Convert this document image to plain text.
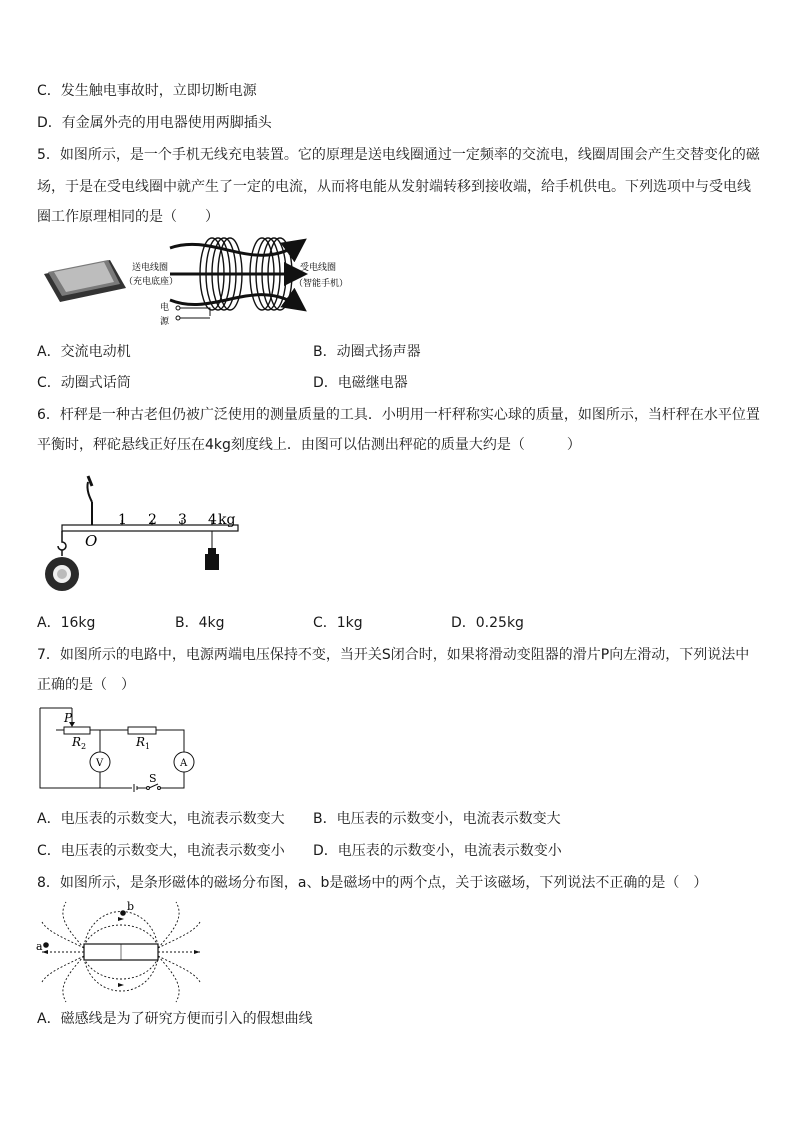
C．发生触电事故时，立即切断电源
D．有金属外壳的用电器使用两脚插头
5．如图所示，是一个手机无线充电装置。它的原理是送电线圈通过一定频率的交流电，线圈周围会产生交替变化的磁
场，于是在受电线圈中就产生了一定的电流，从而将电能从发射端转移到接收端，给手机供电。下列选项中与受电线
圈工作原理相同的是（　　）
送电线圈
（充电底座）
受电线圈
（智能手机）
电
源
A．交流电动机	B．动圈式扬声器
C．动圈式话筒	D．电磁继电器
6．杆秤是一种古老但仍被广泛使用的测量质量的工具．小明用一杆秤称实心球的质量，如图所示，当杆秤在水平位置
平衡时，秤砣悬线正好压在4kg刻度线上．由图可以估测出秤砣的质量大约是（　　　）
O
1 2 3 4 kg
A．16kg	B．4kg	C．1kg	D．0.25kg
7．如图所示的电路中，电源两端电压保持不变，当开关S闭合时，如果将滑动变阻器的滑片P向左滑动，下列说法中
正确的是（　）
P
R 2	R 1
V	A
S
A．电压表的示数变大，电流表示数变大 B．电压表的示数变小，电流表示数变大
C．电压表的示数变大，电流表示数变小 D．电压表的示数变小，电流表示数变小
8．如图所示，是条形磁体的磁场分布图，a、b是磁场中的两个点，关于该磁场，下列说法不正确的是（　）
a
b
A．磁感线是为了研究方便而引入的假想曲线
